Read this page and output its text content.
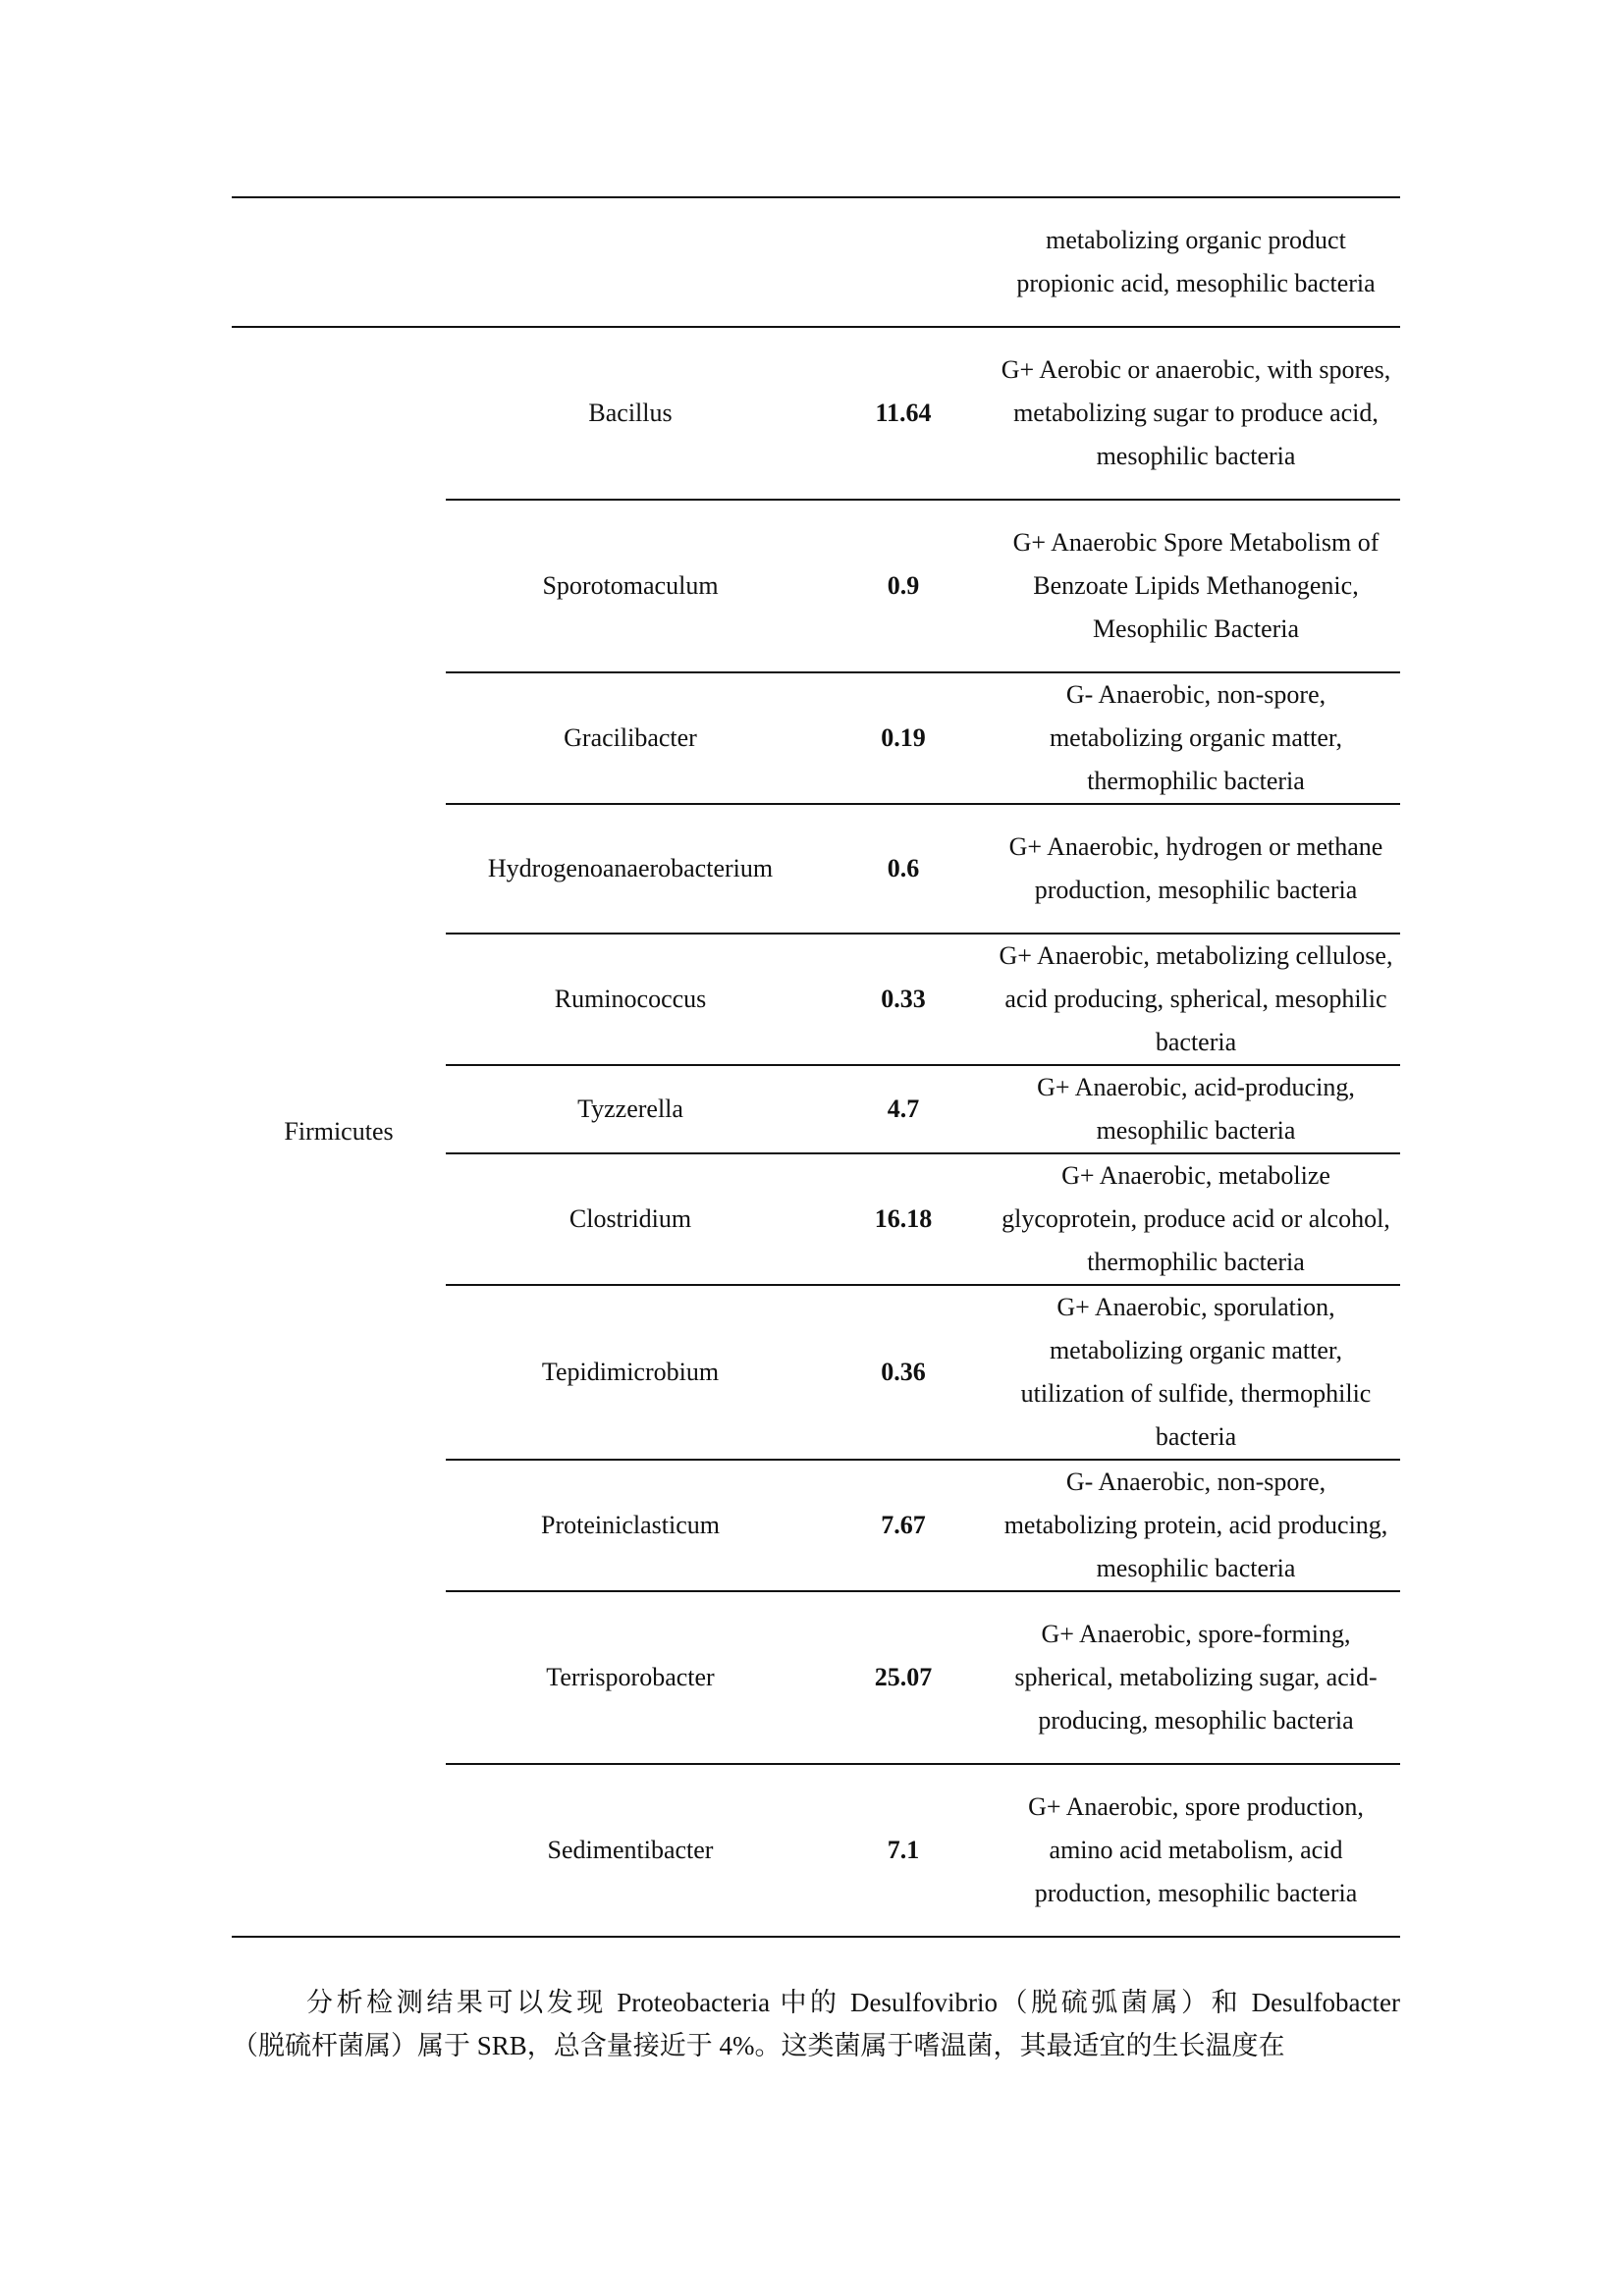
			metabolizing organic product propionic acid, mesophilic bacteria
Firmicutes	Bacillus	11.64	G+ Aerobic or anaerobic, with spores, metabolizing sugar to produce acid, mesophilic bacteria
	Sporotomaculum	0.9	G+ Anaerobic Spore Metabolism of Benzoate Lipids Methanogenic, Mesophilic Bacteria
	Gracilibacter	0.19	G- Anaerobic, non-spore, metabolizing organic matter, thermophilic bacteria
	Hydrogenoanaerobacterium	0.6	G+ Anaerobic, hydrogen or methane production, mesophilic bacteria
	Ruminococcus	0.33	G+ Anaerobic, metabolizing cellulose, acid producing, spherical, mesophilic bacteria
	Tyzzerella	4.7	G+ Anaerobic, acid-producing, mesophilic bacteria
	Clostridium	16.18	G+ Anaerobic, metabolize glycoprotein, produce acid or alcohol, thermophilic bacteria
	Tepidimicrobium	0.36	G+ Anaerobic, sporulation, metabolizing organic matter, utilization of sulfide, thermophilic bacteria
	Proteiniclasticum	7.67	G- Anaerobic, non-spore, metabolizing protein, acid producing, mesophilic bacteria
	Terrisporobacter	25.07	G+ Anaerobic, spore-forming, spherical, metabolizing sugar, acid-producing, mesophilic bacteria
	Sedimentibacter	7.1	G+ Anaerobic, spore production, amino acid metabolism, acid production, mesophilic bacteria

分析检测结果可以发现 Proteobacteria 中的 Desulfovibrio（脱硫弧菌属）和 Desulfobacter

（脱硫杆菌属）属于 SRB，总含量接近于 4%。这类菌属于嗜温菌，其最适宜的生长温度在
